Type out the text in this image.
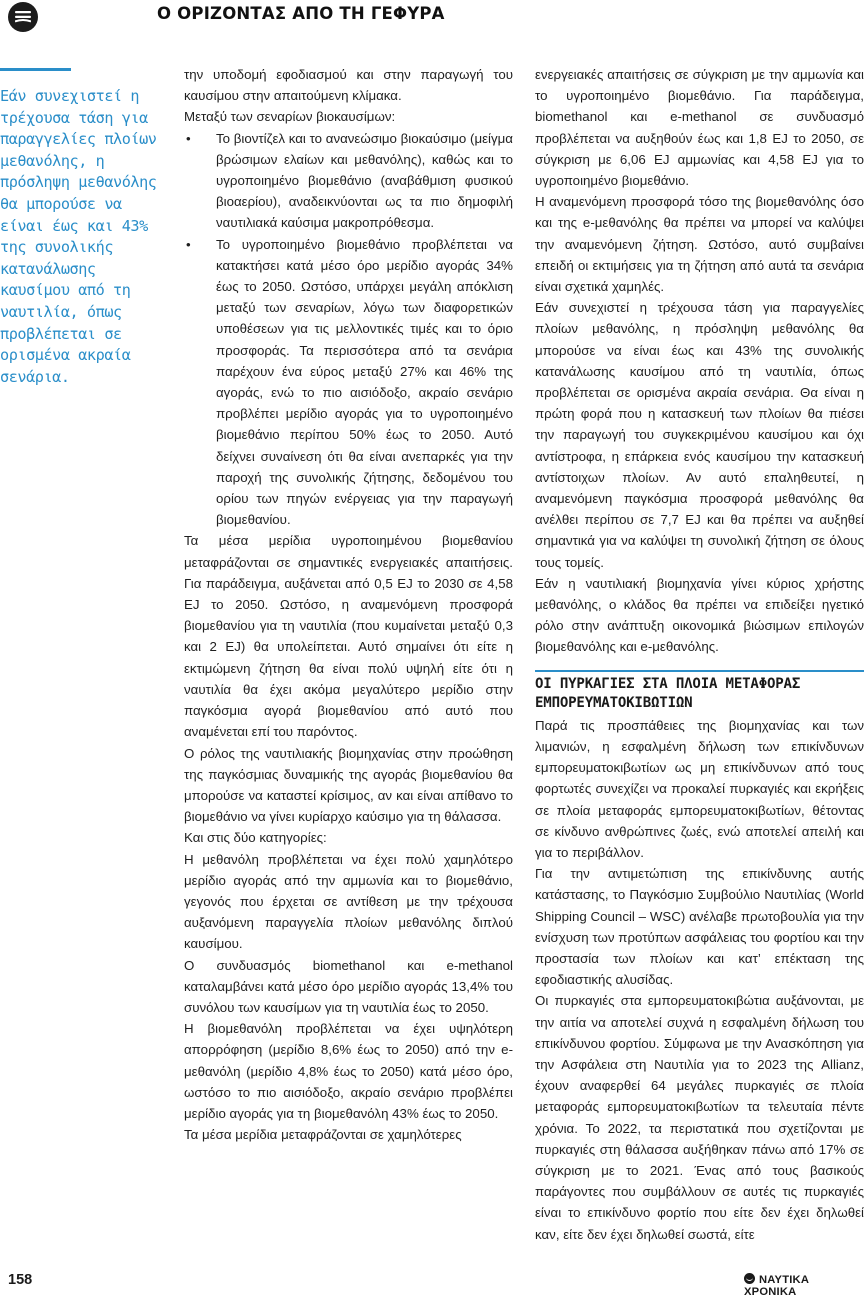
Ο ΟΡΙΖΟΝΤΑΣ ΑΠΟ ΤΗ ΓΕΦΥΡΑ

Εάν συνεχιστεί η τρέχουσα τάση για παραγγελίες πλοίων μεθανόλης, η πρόσληψη μεθανόλης θα μπορούσε να είναι έως και 43% της συνολικής κατανάλωσης καυσίμου από τη ναυτιλία, όπως προβλέπεται σε ορισμένα ακραία σενάρια.

την υποδομή εφοδιασμού και στην παραγωγή του καυσίμου στην απαιτούμενη κλίμακα.

Μεταξύ των σεναρίων βιοκαυσίμων:

• Το βιοντίζελ και το ανανεώσιμο βιοκαύσιμο (μείγμα βρώσιμων ελαίων και μεθανόλης), καθώς και το υγροποιημένο βιομεθάνιο (αναβάθμιση φυσικού βιοαερίου), αναδεικνύονται ως τα πιο δημοφιλή ναυτιλιακά καύσιμα μακροπρόθεσμα.
• Το υγροποιημένο βιομεθάνιο προβλέπεται να κατακτήσει κατά μέσο όρο μερίδιο αγοράς 34% έως το 2050. Ωστόσο, υπάρχει μεγάλη απόκλιση μεταξύ των σεναρίων, λόγω των διαφορετικών υποθέσεων για τις μελλοντικές τιμές και το όριο προσφοράς. Τα περισσότερα από τα σενάρια παρέχουν ένα εύρος μεταξύ 27% και 46% της αγοράς, ενώ το πιο αισιόδοξο, ακραίο σενάριο προβλέπει μερίδιο αγοράς για το υγροποιημένο βιομεθάνιο περίπου 50% έως το 2050. Αυτό δείχνει συναίνεση ότι θα είναι ανεπαρκές για την παροχή της συνολικής ζήτησης, δεδομένου του ορίου των πηγών ενέργειας για την παραγωγή βιομεθανίου.

Τα μέσα μερίδια υγροποιημένου βιομεθανίου μεταφράζονται σε σημαντικές ενεργειακές απαιτήσεις. Για παράδειγμα, αυξάνεται από 0,5 EJ το 2030 σε 4,58 EJ το 2050. Ωστόσο, η αναμενόμενη προσφορά βιομεθανίου για τη ναυτιλία (που κυμαίνεται μεταξύ 0,3 και 2 EJ) θα υπολείπεται. Αυτό σημαίνει ότι είτε η εκτιμώμενη ζήτηση θα είναι πολύ υψηλή είτε ότι η ναυτιλία θα έχει ακόμα μεγαλύτερο μερίδιο στην παγκόσμια αγορά βιομεθανίου από αυτό που αναμένεται επί του παρόντος.

Ο ρόλος της ναυτιλιακής βιομηχανίας στην προώθηση της παγκόσμιας δυναμικής της αγοράς βιομεθανίου θα μπορούσε να καταστεί κρίσιμος, αν και είναι απίθανο το βιομεθάνιο να γίνει κυρίαρχο καύσιμο για τη θάλασσα.

Και στις δύο κατηγορίες:

Η μεθανόλη προβλέπεται να έχει πολύ χαμηλότερο μερίδιο αγοράς από την αμμωνία και το βιομεθάνιο, γεγονός που έρχεται σε αντίθεση με την τρέχουσα αυξανόμενη παραγγελία πλοίων μεθανόλης διπλού καυσίμου.

Ο συνδυασμός biomethanol και e-methanol καταλαμβάνει κατά μέσο όρο μερίδιο αγοράς 13,4% του συνόλου των καυσίμων για τη ναυτιλία έως το 2050.

Η βιομεθανόλη προβλέπεται να έχει υψηλότερη απορρόφηση (μερίδιο 8,6% έως το 2050) από την e-μεθανόλη (μερίδιο 4,8% έως το 2050) κατά μέσο όρο, ωστόσο το πιο αισιόδοξο, ακραίο σενάριο προβλέπει μερίδιο αγοράς για τη βιομεθανόλη 43% έως το 2050.

Τα μέσα μερίδια μεταφράζονται σε χαμηλότερες

ενεργειακές απαιτήσεις σε σύγκριση με την αμμωνία και το υγροποιημένο βιομεθάνιο. Για παράδειγμα, biomethanol και e-methanol σε συνδυασμό προβλέπεται να αυξηθούν έως και 1,8 EJ το 2050, σε σύγκριση με 6,06 EJ αμμωνίας και 4,58 EJ για το υγροποιημένο βιομεθάνιο.

Η αναμενόμενη προσφορά τόσο της βιομεθανόλης όσο και της e-μεθανόλης θα πρέπει να μπορεί να καλύψει την αναμενόμενη ζήτηση. Ωστόσο, αυτό συμβαίνει επειδή οι εκτιμήσεις για τη ζήτηση από αυτά τα σενάρια είναι σχετικά χαμηλές.

Εάν συνεχιστεί η τρέχουσα τάση για παραγγελίες πλοίων μεθανόλης, η πρόσληψη μεθανόλης θα μπορούσε να είναι έως και 43% της συνολικής κατανάλωσης καυσίμου από τη ναυτιλία, όπως προβλέπεται σε ορισμένα ακραία σενάρια. Θα είναι η πρώτη φορά που η κατασκευή των πλοίων θα πιέσει την παραγωγή του συγκεκριμένου καυσίμου και όχι αντίστροφα, η επάρκεια ενός καυσίμου την κατασκευή αντίστοιχων πλοίων. Αν αυτό επαληθευτεί, η αναμενόμενη παγκόσμια προσφορά μεθανόλης θα ανέλθει περίπου σε 7,7 EJ και θα πρέπει να αυξηθεί σημαντικά για να καλύψει τη συνολική ζήτηση σε όλους τους τομείς.

Εάν η ναυτιλιακή βιομηχανία γίνει κύριος χρήστης μεθανόλης, ο κλάδος θα πρέπει να επιδείξει ηγετικό ρόλο στην ανάπτυξη οικονομικά βιώσιμων επιλογών βιομεθανόλης και e-μεθανόλης.

ΟΙ ΠΥΡΚΑΓΙΕΣ ΣΤΑ ΠΛΟΙΑ ΜΕΤΑΦΟΡΑΣ ΕΜΠΟΡΕΥΜΑΤΟΚΙΒΩΤΙΩΝ

Παρά τις προσπάθειες της βιομηχανίας και των λιμανιών, η εσφαλμένη δήλωση των επικίνδυνων εμπορευματοκιβωτίων ως μη επικίνδυνων από τους φορτωτές συνεχίζει να προκαλεί πυρκαγιές και εκρήξεις σε πλοία μεταφοράς εμπορευματοκιβωτίων, θέτοντας σε κίνδυνο ανθρώπινες ζωές, ενώ αποτελεί απειλή και για το περιβάλλον.

Για την αντιμετώπιση της επικίνδυνης αυτής κατάστασης, το Παγκόσμιο Συμβούλιο Ναυτιλίας (World Shipping Council – WSC) ανέλαβε πρωτοβουλία για την ενίσχυση των προτύπων ασφάλειας του φορτίου και την προστασία των πλοίων και κατ’ επέκταση της εφοδιαστικής αλυσίδας.

Οι πυρκαγιές στα εμπορευματοκιβώτια αυξάνονται, με την αιτία να αποτελεί συχνά η εσφαλμένη δήλωση του επικίνδυνου φορτίου. Σύμφωνα με την Ανασκόπηση για την Ασφάλεια στη Ναυτιλία για το 2023 της Allianz, έχουν αναφερθεί 64 μεγάλες πυρκαγιές σε πλοία μεταφοράς εμπορευματοκιβωτίων τα τελευταία πέντε χρόνια. Το 2022, τα περιστατικά που σχετίζονται με πυρκαγιές στη θάλασσα αυξήθηκαν πάνω από 17% σε σύγκριση με το 2021. Ένας από τους βασικούς παράγοντες που συμβάλλουν σε αυτές τις πυρκαγιές είναι το επικίνδυνο φορτίο που είτε δεν έχει δηλωθεί καν, είτε δεν έχει δηλωθεί σωστά, είτε

158	ΝΑΥΤΙΚΑ ΧΡΟΝΙΚΑ
